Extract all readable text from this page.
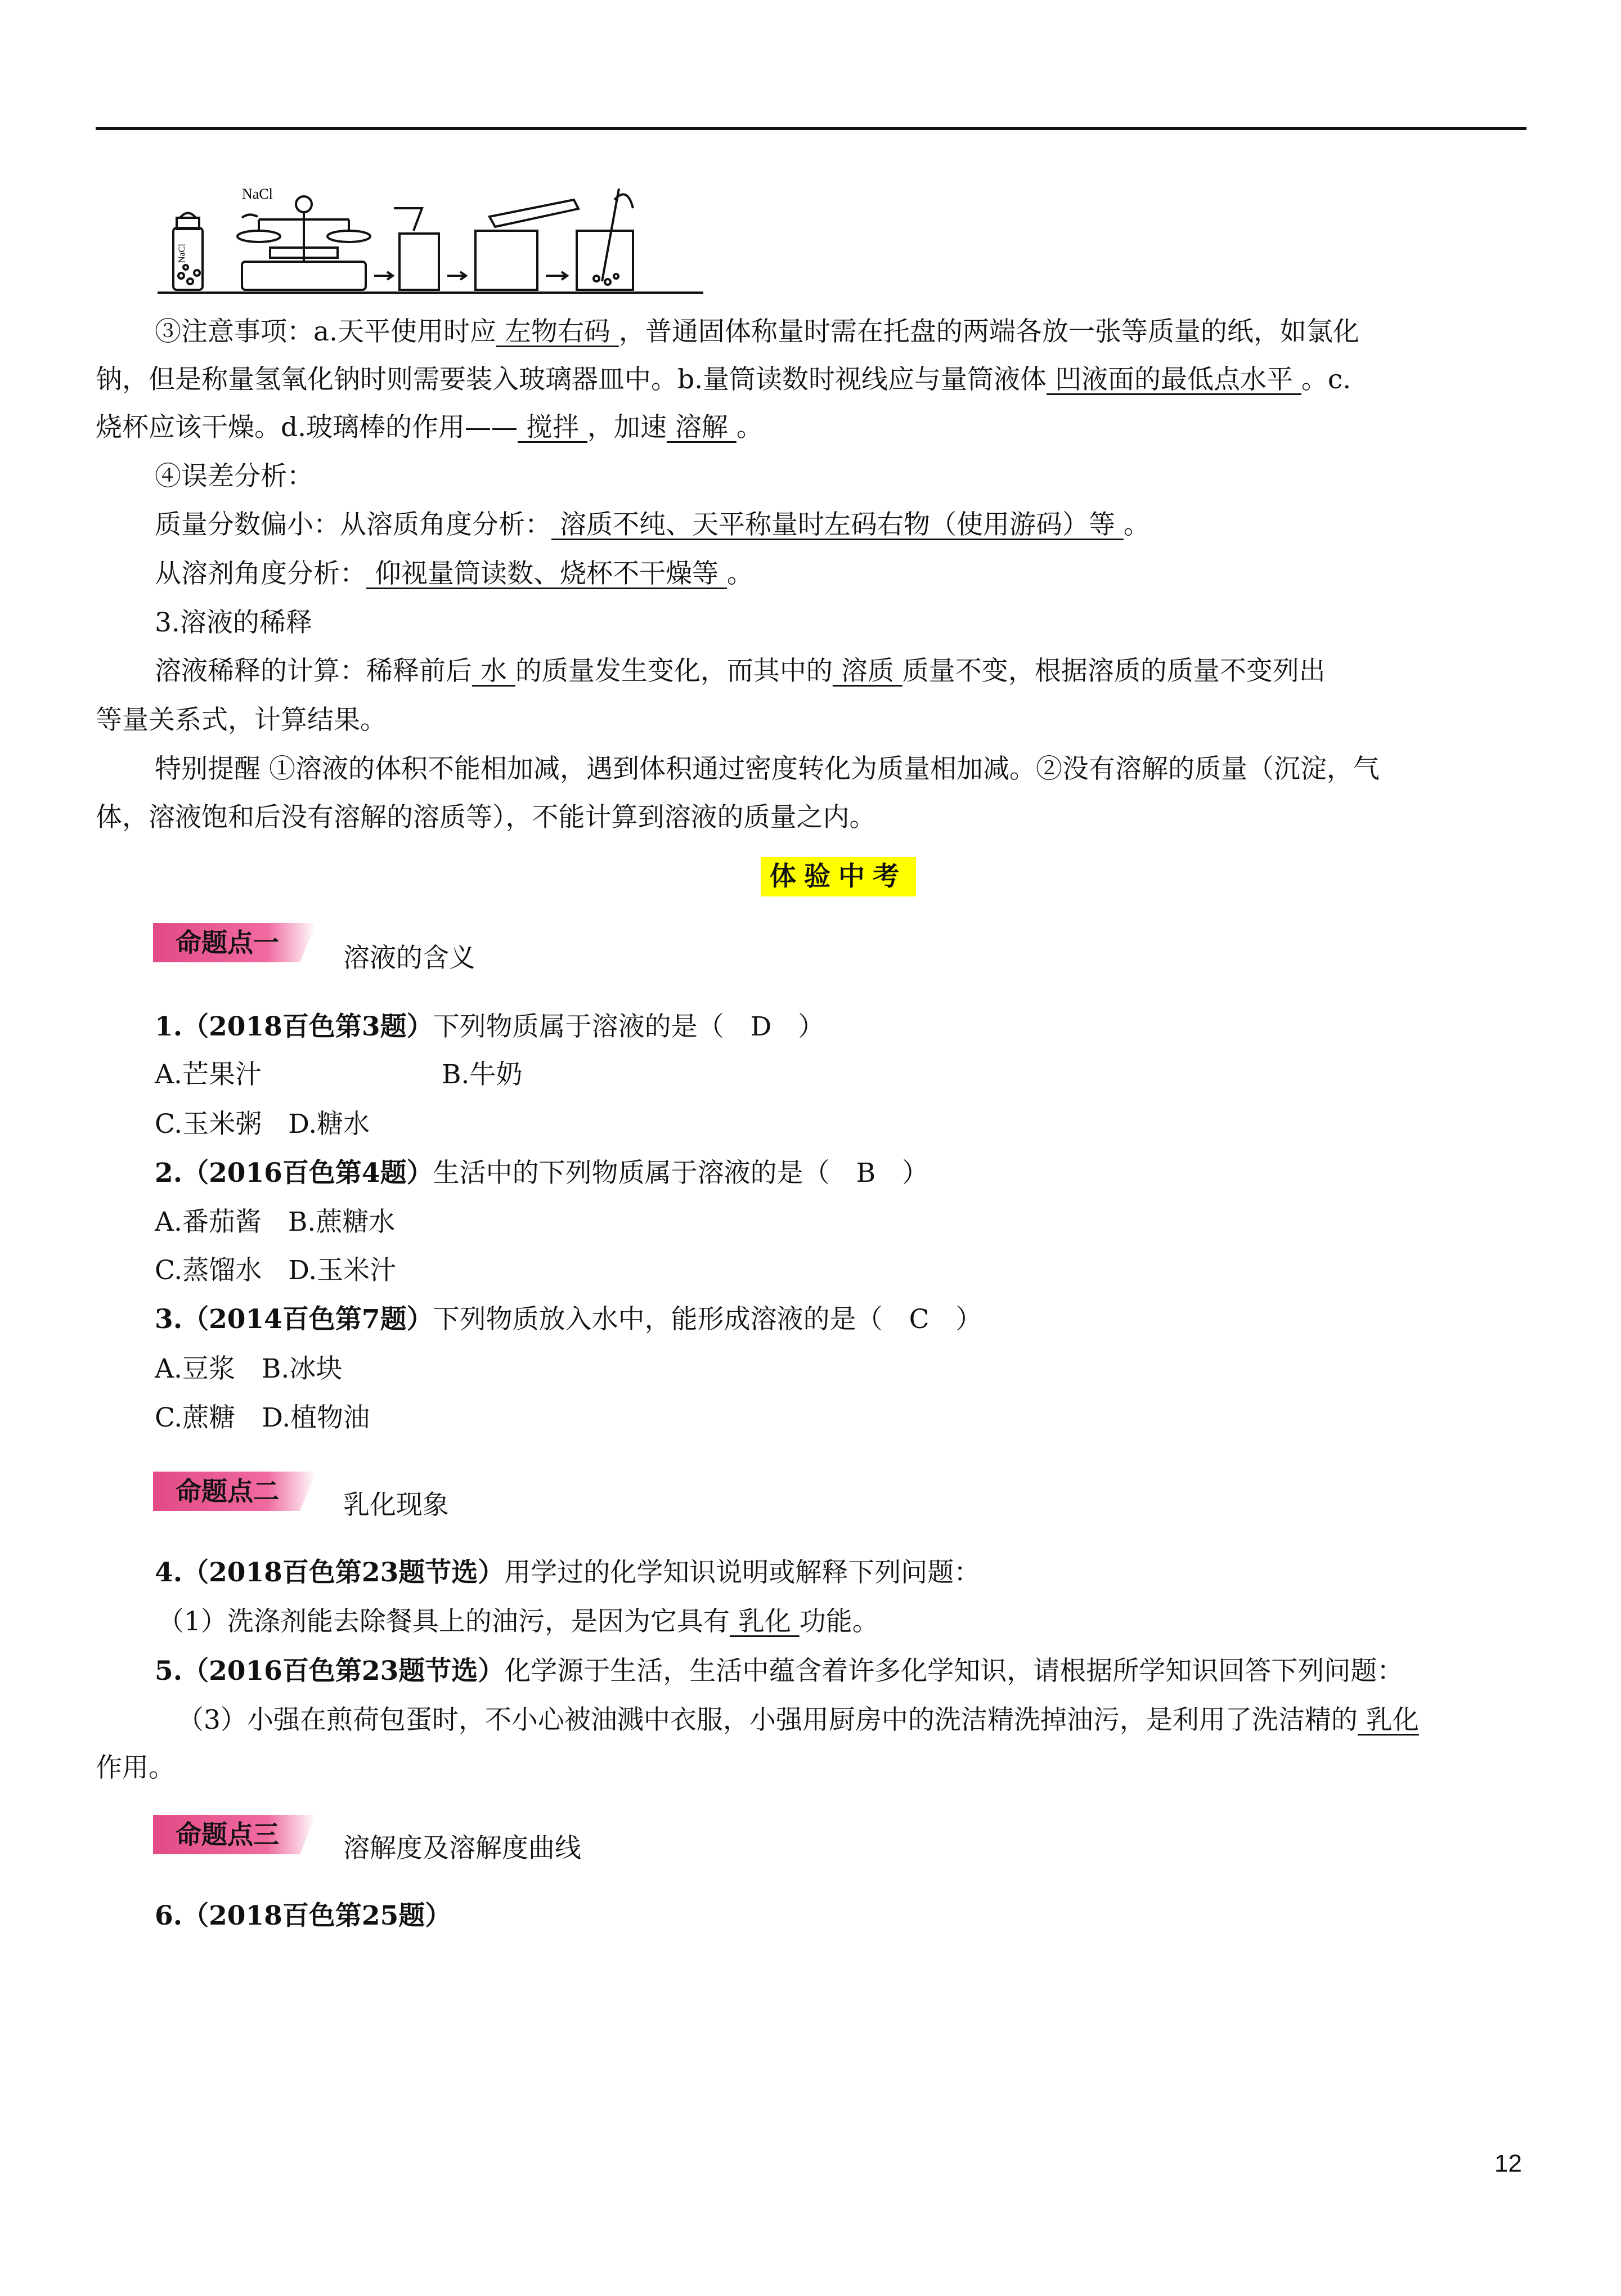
NaCl
NaCl
③注意事项：a.天平使用时应 左物右码 ，普通固体称量时需在托盘的两端各放一张等质量的纸，如氯化
钠，但是称量氢氧化钠时则需要装入玻璃器皿中。b.量筒读数时视线应与量筒液体 凹液面的最低点水平 。c.
烧杯应该干燥。d.玻璃棒的作用—— 搅拌 ，加速 溶解 。
④误差分析：
质量分数偏小：从溶质角度分析： 溶质不纯、天平称量时左码右物（使用游码）等 。
从溶剂角度分析： 仰视量筒读数、烧杯不干燥等 。
3.溶液的稀释
溶液稀释的计算：稀释前后 水 的质量发生变化，而其中的 溶质 质量不变，根据溶质的质量不变列出
等量关系式，计算结果。
特别提醒 ①溶液的体积不能相加减，遇到体积通过密度转化为质量相加减。②没有溶解的质量（沉淀，气
体，溶液饱和后没有溶解的溶质等），不能计算到溶液的质量之内。
体验中考
命题点一 溶液的含义
1.（2018百色第3题）下列物质属于溶液的是（　D　）
A.芒果汁	B.牛奶
C.玉米粥　D.糖水
2.（2016百色第4题）生活中的下列物质属于溶液的是（　B　）
A.番茄酱　B.蔗糖水
C.蒸馏水　D.玉米汁
3.（2014百色第7题）下列物质放入水中，能形成溶液的是（　C　）
A.豆浆　B.冰块
C.蔗糖　D.植物油
命题点二 乳化现象
4.（2018百色第23题节选）用学过的化学知识说明或解释下列问题：
（1）洗涤剂能去除餐具上的油污，是因为它具有 乳化 功能。
5.（2016百色第23题节选）化学源于生活，生活中蕴含着许多化学知识，请根据所学知识回答下列问题：
（3）小强在煎荷包蛋时，不小心被油溅中衣服，小强用厨房中的洗洁精洗掉油污，是利用了洗洁精的 乳化
作用。
命题点三 溶解度及溶解度曲线
6.（2018百色第25题）
12
